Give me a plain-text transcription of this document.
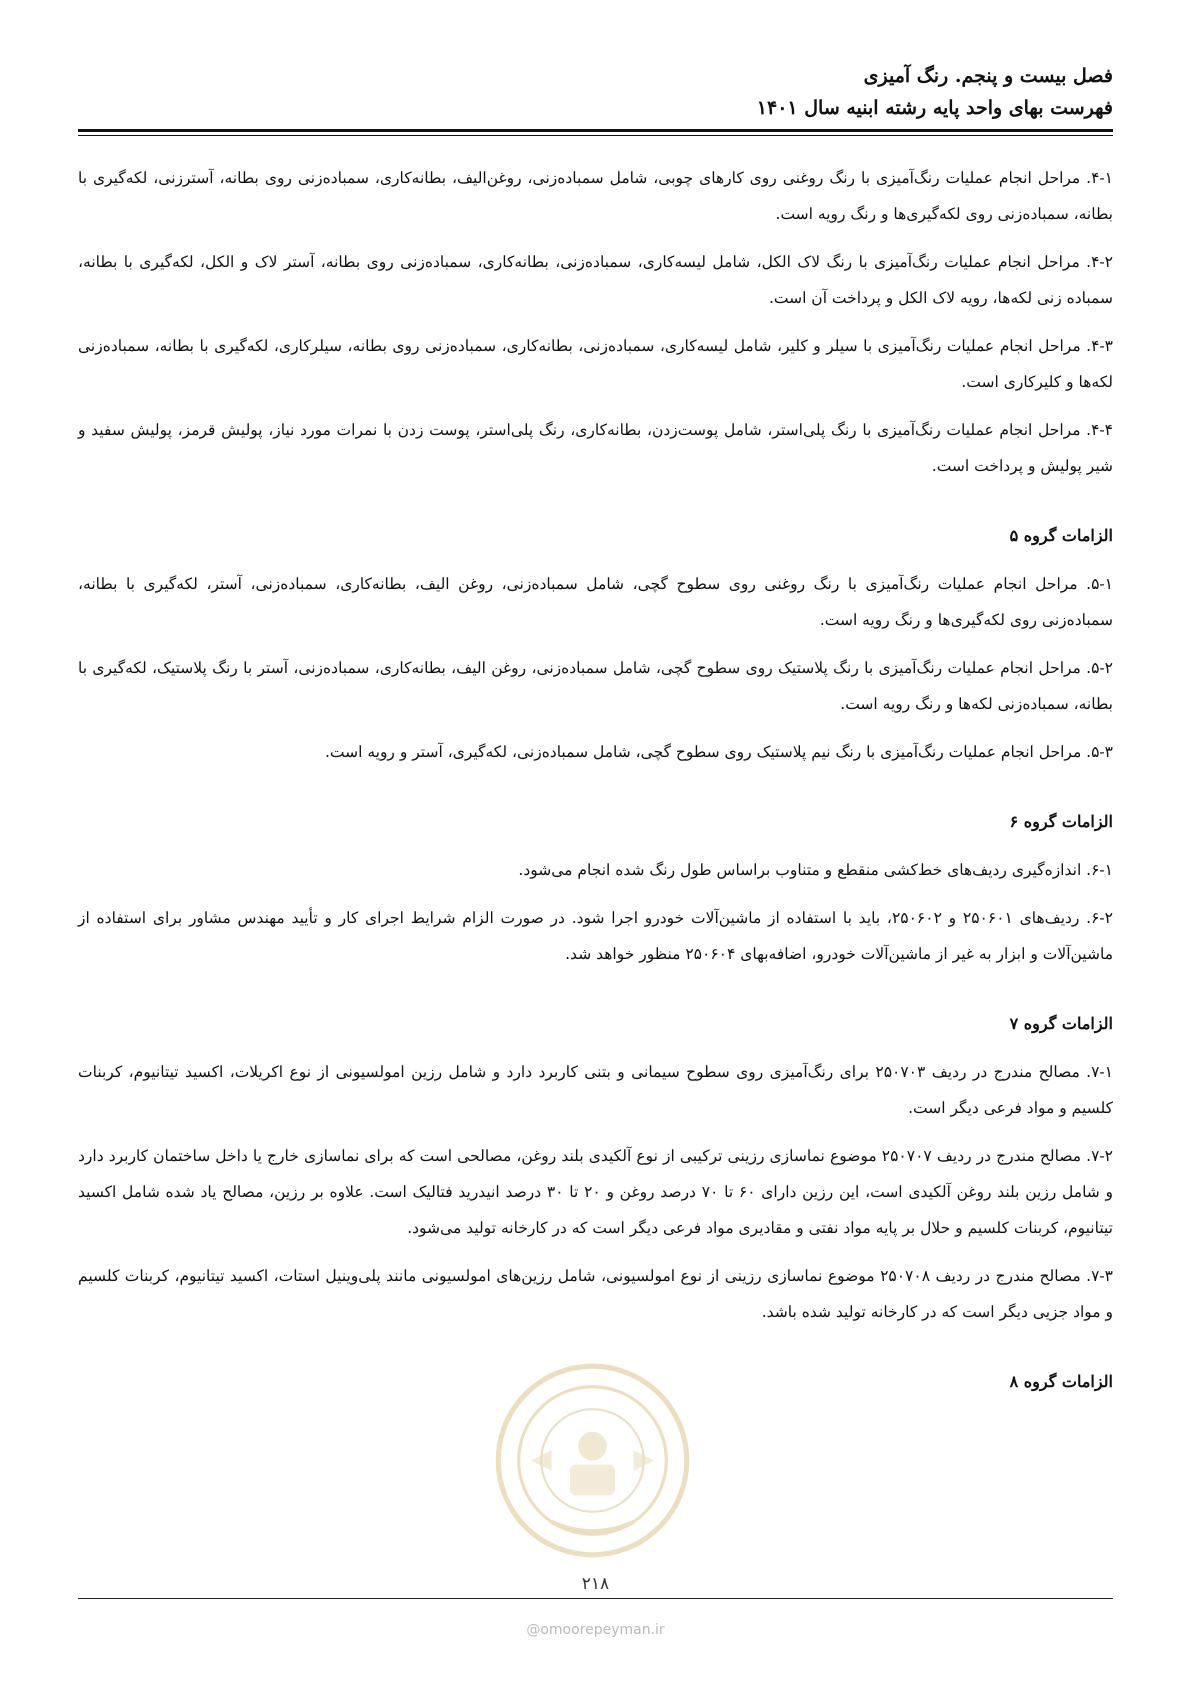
فصل بیست و پنجم. رنگ آمیزی
فهرست بهای واحد پایه رشته ابنیه سال ۱۴۰۱

۴-۱. مراحل انجام عملیات رنگ‌آمیزی با رنگ روغنی روی کارهای چوبی، شامل سمباده‌زنی، روغن‌الیف، بطانه‌کاری، سمباده‌زنی روی بطانه، آسترزنی، لکه‌گیری با بطانه، سمباده‌زنی روی لکه‌گیری‌ها و رنگ رویه است.

۴-۲. مراحل انجام عملیات رنگ‌آمیزی با رنگ لاک الکل، شامل لیسه‌کاری، سمباده‌زنی، بطانه‌کاری، سمباده‌زنی روی بطانه، آستر لاک و الکل، لکه‌گیری با بطانه، سمباده زنی لکه‌ها، رویه لاک الکل و پرداخت آن است.

۴-۳. مراحل انجام عملیات رنگ‌آمیزی با سیلر و کلیر، شامل لیسه‌کاری، سمباده‌زنی، بطانه‌کاری، سمباده‌زنی روی بطانه، سیلرکاری، لکه‌گیری با بطانه، سمباده‌زنی لکه‌ها و کلیرکاری است.

۴-۴. مراحل انجام عملیات رنگ‌آمیزی با رنگ پلی‌استر، شامل پوست‌زدن، بطانه‌کاری، رنگ پلی‌استر، پوست زدن با نمرات مورد نیاز، پولیش قرمز، پولیش سفید و شیر پولیش و پرداخت است.

الزامات گروه ۵

۵-۱. مراحل انجام عملیات رنگ‌آمیزی با رنگ روغنی روی سطوح گچی، شامل سمباده‌زنی، روغن الیف، بطانه‌کاری، سمباده‌زنی، آستر، لکه‌گیری با بطانه، سمباده‌زنی روی لکه‌گیری‌ها و رنگ رویه است.

۵-۲. مراحل انجام عملیات رنگ‌آمیزی با رنگ پلاستیک روی سطوح گچی، شامل سمباده‌زنی، روغن الیف، بطانه‌کاری، سمباده‌زنی، آستر با رنگ پلاستیک، لکه‌گیری با بطانه، سمباده‌زنی لکه‌ها و رنگ رویه است.

۵-۳. مراحل انجام عملیات رنگ‌آمیزی با رنگ نیم پلاستیک روی سطوح گچی، شامل سمباده‌زنی، لکه‌گیری، آستر و رویه است.

الزامات گروه ۶

۶-۱. اندازه‌گیری ردیف‌های خط‌کشی منقطع و متناوب براساس طول رنگ شده انجام می‌شود.

۶-۲. ردیف‌های ۲۵۰۶۰۱ و ۲۵۰۶۰۲، باید با استفاده از ماشین‌آلات خودرو اجرا شود. در صورت الزام شرایط اجرای کار و تأیید مهندس مشاور برای استفاده از ماشین‌آلات و ابزار به غیر از ماشین‌آلات خودرو، اضافه‌بهای ۲۵۰۶۰۴ منظور خواهد شد.

الزامات گروه ۷

۷-۱. مصالح مندرج در ردیف ۲۵۰۷۰۳ برای رنگ‌آمیزی روی سطوح سیمانی و بتنی کاربرد دارد و شامل رزین امولسیونی از نوع اکریلات، اکسید تیتانیوم، کربنات کلسیم و مواد فرعی دیگر است.

۷-۲. مصالح مندرج در ردیف ۲۵۰۷۰۷ موضوع نماسازی رزینی ترکیبی از نوع آلکیدی بلند روغن، مصالحی است که برای نماسازی خارج یا داخل ساختمان کاربرد دارد و شامل رزین بلند روغن آلکیدی است، این رزین دارای ۶۰ تا ۷۰ درصد روغن و ۲۰ تا ۳۰ درصد انیدرید فتالیک است. علاوه بر رزین، مصالح یاد شده شامل اکسید تیتانیوم، کربنات کلسیم و حلال بر پایه مواد نفتی و مقادیری مواد فرعی دیگر است که در کارخانه تولید می‌شود.

۷-۳. مصالح مندرج در ردیف ۲۵۰۷۰۸ موضوع نماسازی رزینی از نوع امولسیونی، شامل رزین‌های امولسیونی مانند پلی‌وینیل استات، اکسید تیتانیوم، کربنات کلسیم و مواد جزیی دیگر است که در کارخانه تولید شده باشد.

الزامات گروه ۸
۲۱۸
@omoorepeyman.ir
